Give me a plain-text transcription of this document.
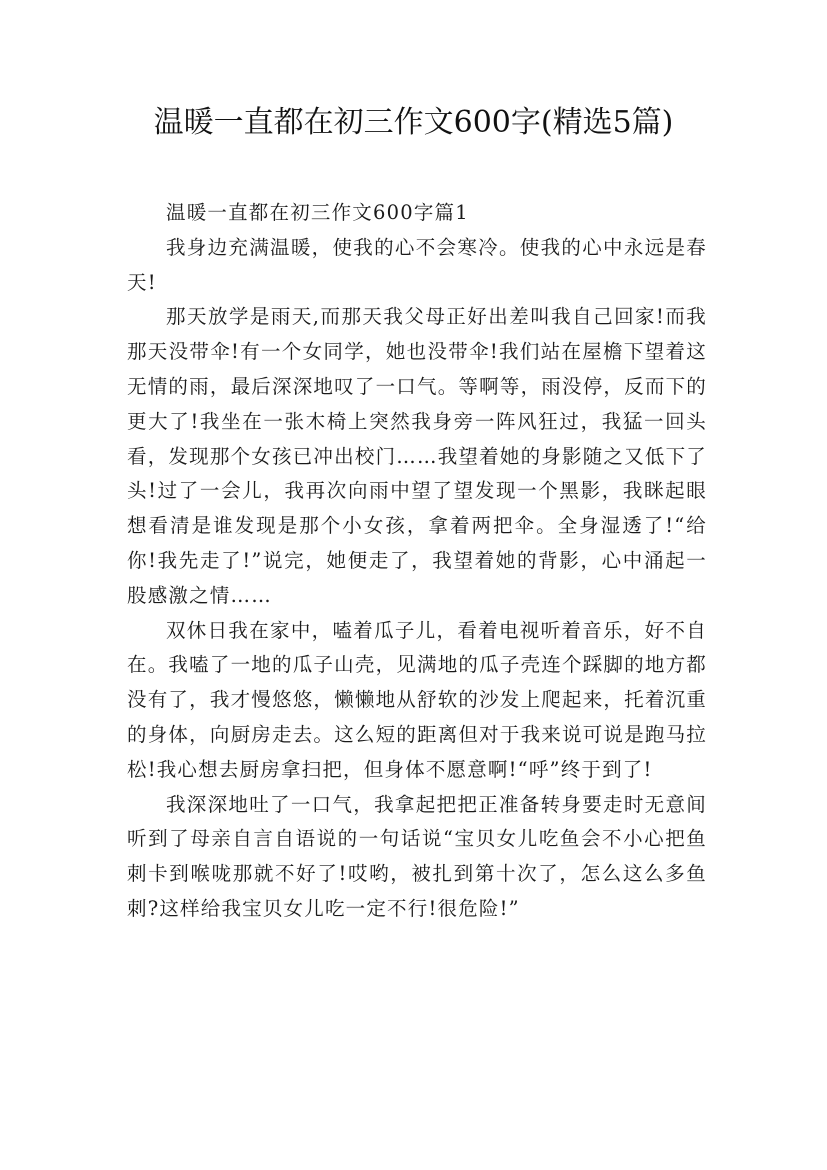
温暖一直都在初三作文600字(精选5篇)

温暖一直都在初三作文600字篇1

我身边充满温暖，使我的心不会寒冷。使我的心中永远是春天!

那天放学是雨天,而那天我父母正好出差叫我自己回家!而我那天没带伞!有一个女同学，她也没带伞!我们站在屋檐下望着这无情的雨，最后深深地叹了一口气。等啊等，雨没停，反而下的更大了!我坐在一张木椅上突然我身旁一阵风狂过，我猛一回头看，发现那个女孩已冲出校门……我望着她的身影随之又低下了头!过了一会儿，我再次向雨中望了望发现一个黑影，我眯起眼想看清是谁发现是那个小女孩，拿着两把伞。全身湿透了!“给你!我先走了!”说完，她便走了，我望着她的背影，心中涌起一股感激之情……

双休日我在家中，嗑着瓜子儿，看着电视听着音乐，好不自在。我嗑了一地的瓜子山壳，见满地的瓜子壳连个踩脚的地方都没有了，我才慢悠悠，懒懒地从舒软的沙发上爬起来，托着沉重的身体，向厨房走去。这么短的距离但对于我来说可说是跑马拉松!我心想去厨房拿扫把，但身体不愿意啊!“呼”终于到了!

我深深地吐了一口气，我拿起把把正准备转身要走时无意间听到了母亲自言自语说的一句话说“宝贝女儿吃鱼会不小心把鱼刺卡到喉咙那就不好了!哎哟，被扎到第十次了，怎么这么多鱼刺?这样给我宝贝女儿吃一定不行!很危险!”
